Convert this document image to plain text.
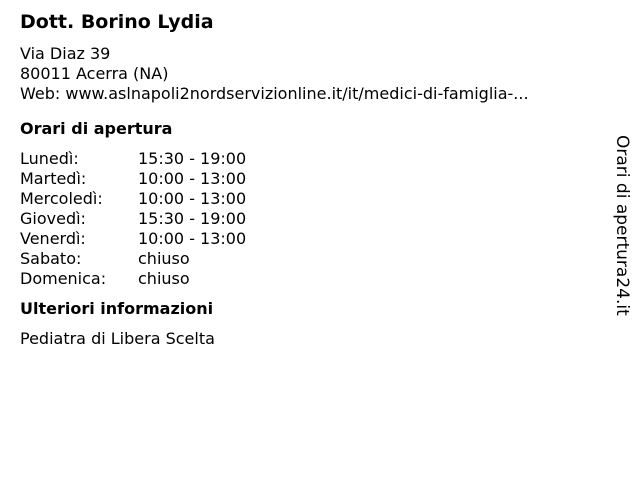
Dott. Borino Lydia
Via Diaz 39
80011 Acerra (NA)
Web: www.aslnapoli2nordservizionline.it/it/medici-di-famiglia-...
Orari di apertura
Lunedì:	15:30 - 19:00
Martedì:	10:00 - 13:00
Mercoledì:	10:00 - 13:00
Giovedì:	15:30 - 19:00
Venerdì:	10:00 - 13:00
Sabato:	chiuso
Domenica:	chiuso
Ulteriori informazioni
Pediatra di Libera Scelta
Orari di apertura24.it
